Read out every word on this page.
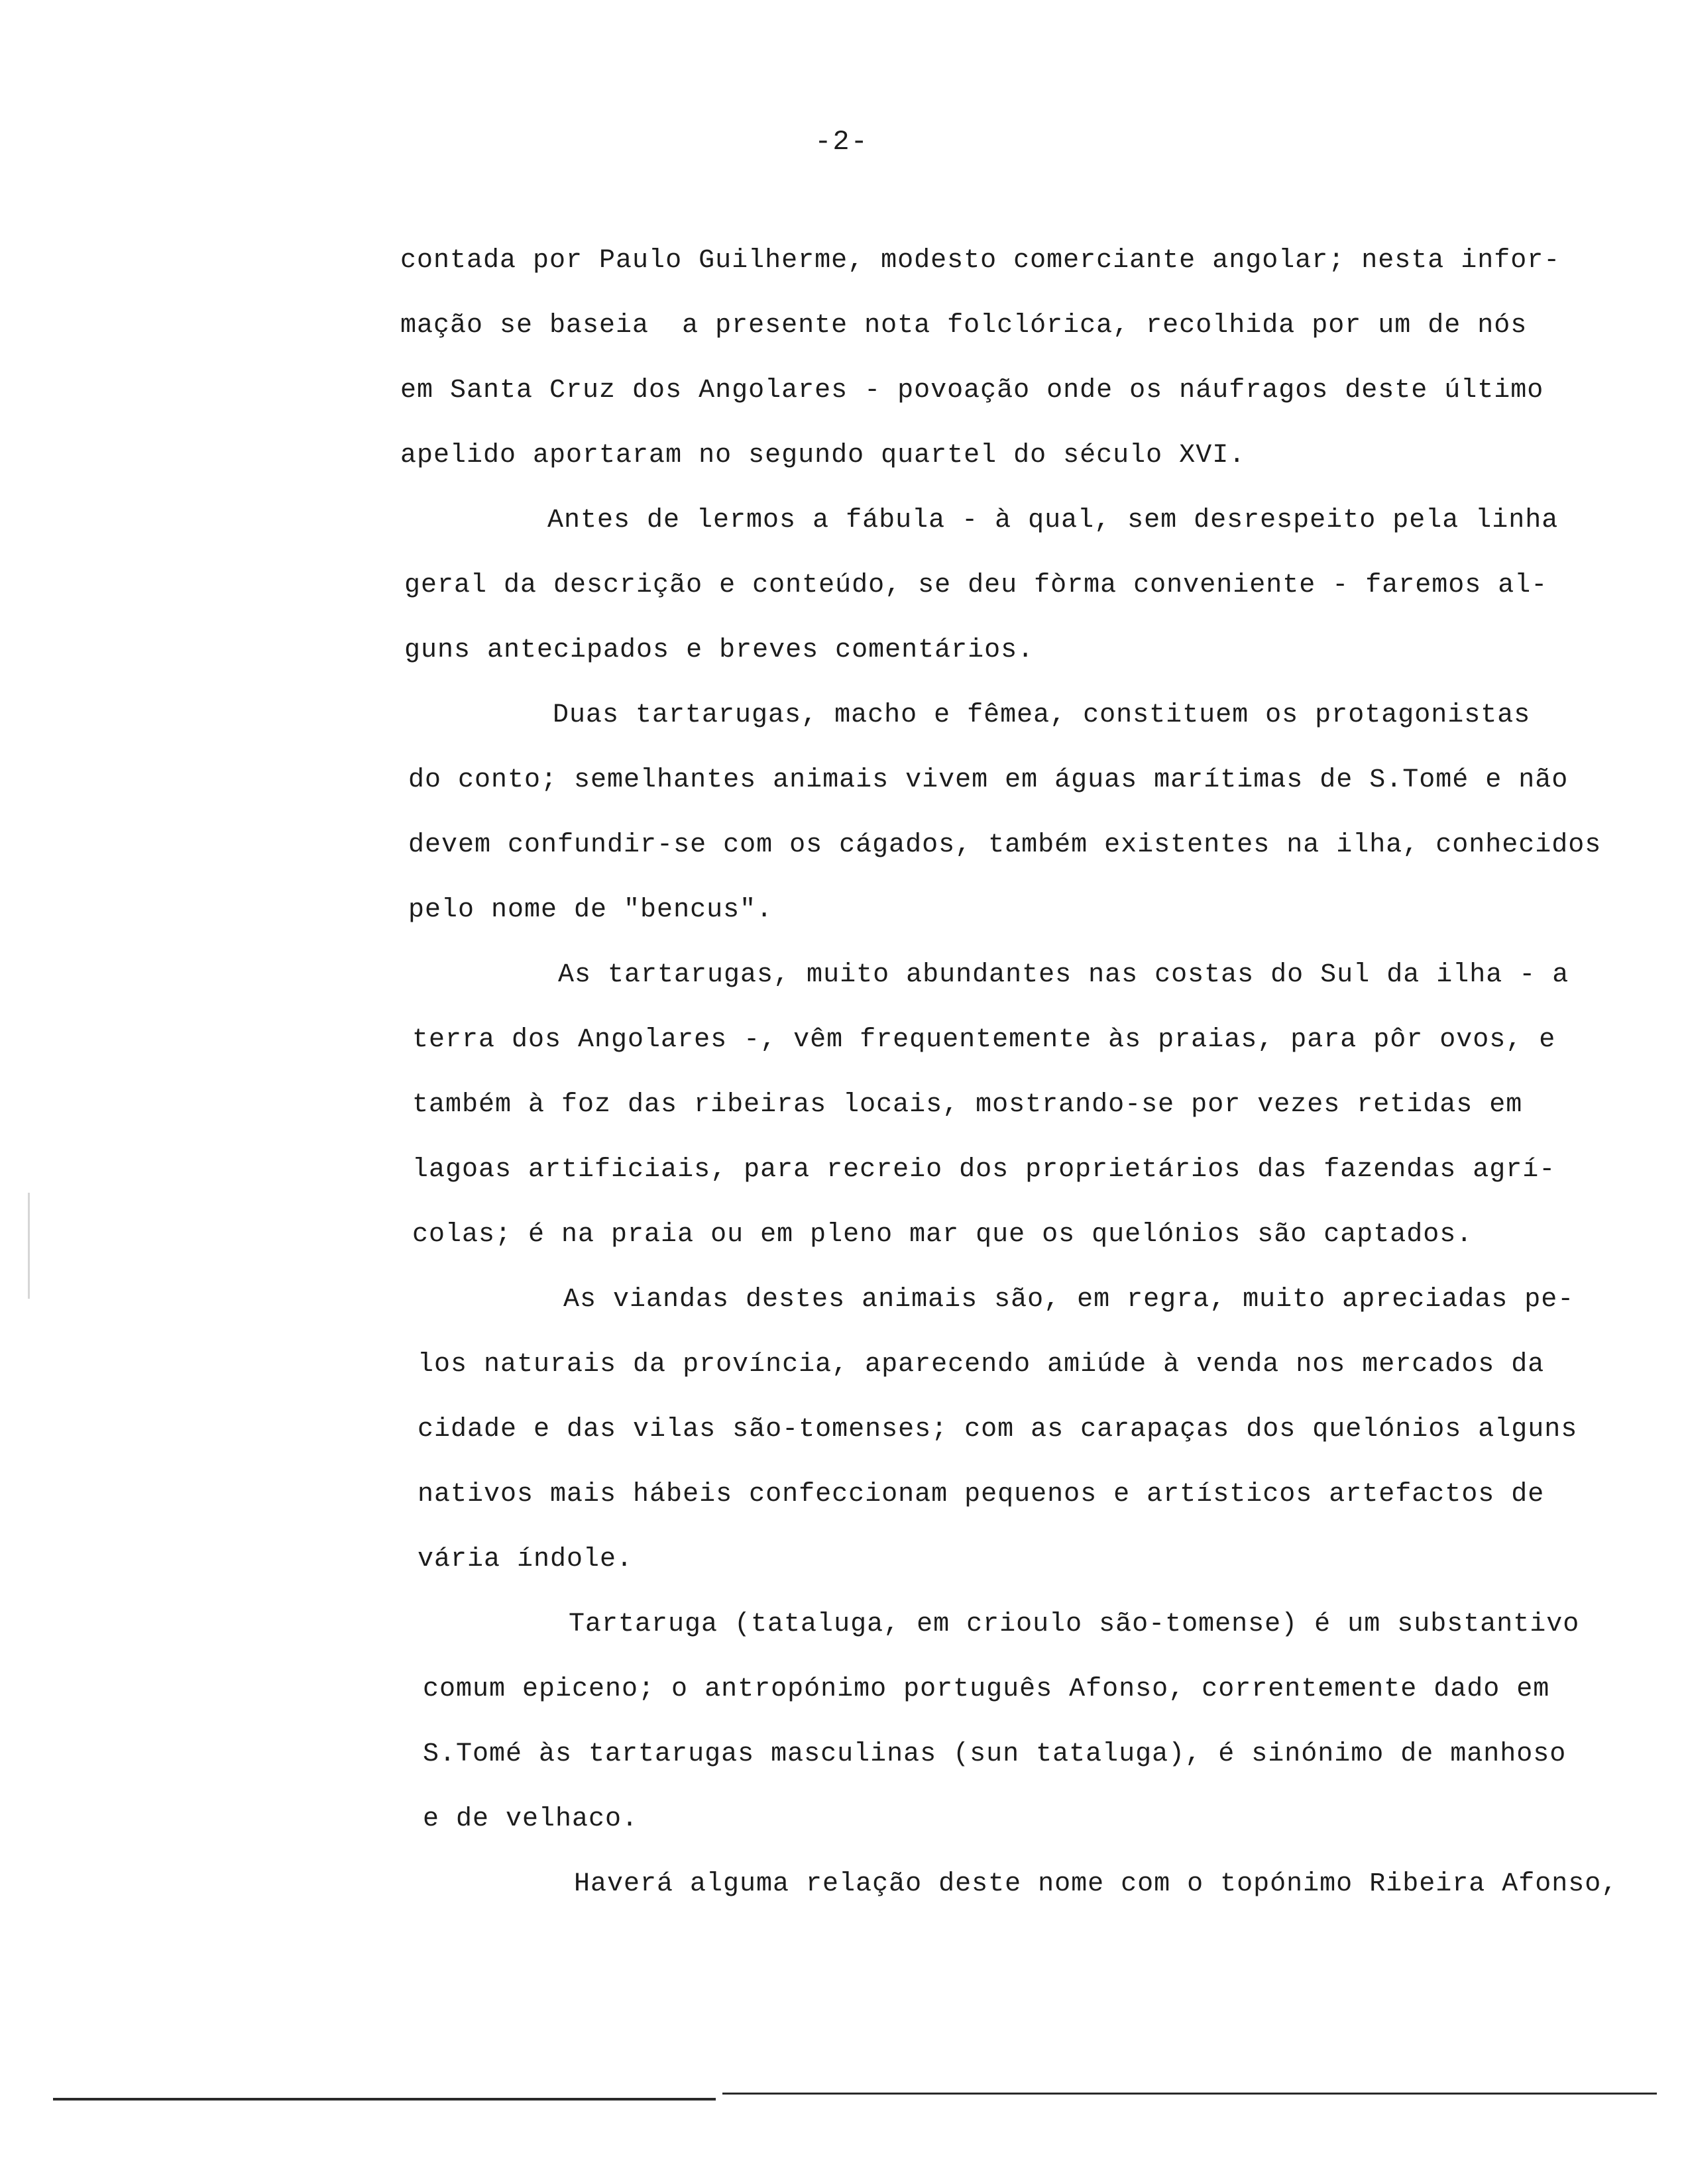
-2-
contada por Paulo Guilherme, modesto comerciante angolar; nesta infor-
mação se baseia  a presente nota folclórica, recolhida por um de nós
em Santa Cruz dos Angolares - povoação onde os náufragos deste último
apelido aportaram no segundo quartel do século XVI.
Antes de lermos a fábula - à qual, sem desrespeito pela linha
geral da descrição e conteúdo, se deu fòrma conveniente - faremos al-
guns antecipados e breves comentários.
Duas tartarugas, macho e fêmea, constituem os protagonistas
do conto; semelhantes animais vivem em águas marítimas de S.Tomé e não
devem confundir-se com os cágados, também existentes na ilha, conhecidos
pelo nome de "bencus".
As tartarugas, muito abundantes nas costas do Sul da ilha - a
terra dos Angolares -, vêm frequentemente às praias, para pôr ovos, e
também à foz das ribeiras locais, mostrando-se por vezes retidas em
lagoas artificiais, para recreio dos proprietários das fazendas agrí-
colas; é na praia ou em pleno mar que os quelónios são captados.
As viandas destes animais são, em regra, muito apreciadas pe-
los naturais da província, aparecendo amiúde à venda nos mercados da
cidade e das vilas são-tomenses; com as carapaças dos quelónios alguns
nativos mais hábeis confeccionam pequenos e artísticos artefactos de
vária índole.
Tartaruga (tataluga, em crioulo são-tomense) é um substantivo
comum epiceno; o antropónimo português Afonso, correntemente dado em
S.Tomé às tartarugas masculinas (sun tataluga), é sinónimo de manhoso
e de velhaco.
Haverá alguma relação deste nome com o topónimo Ribeira Afonso,
